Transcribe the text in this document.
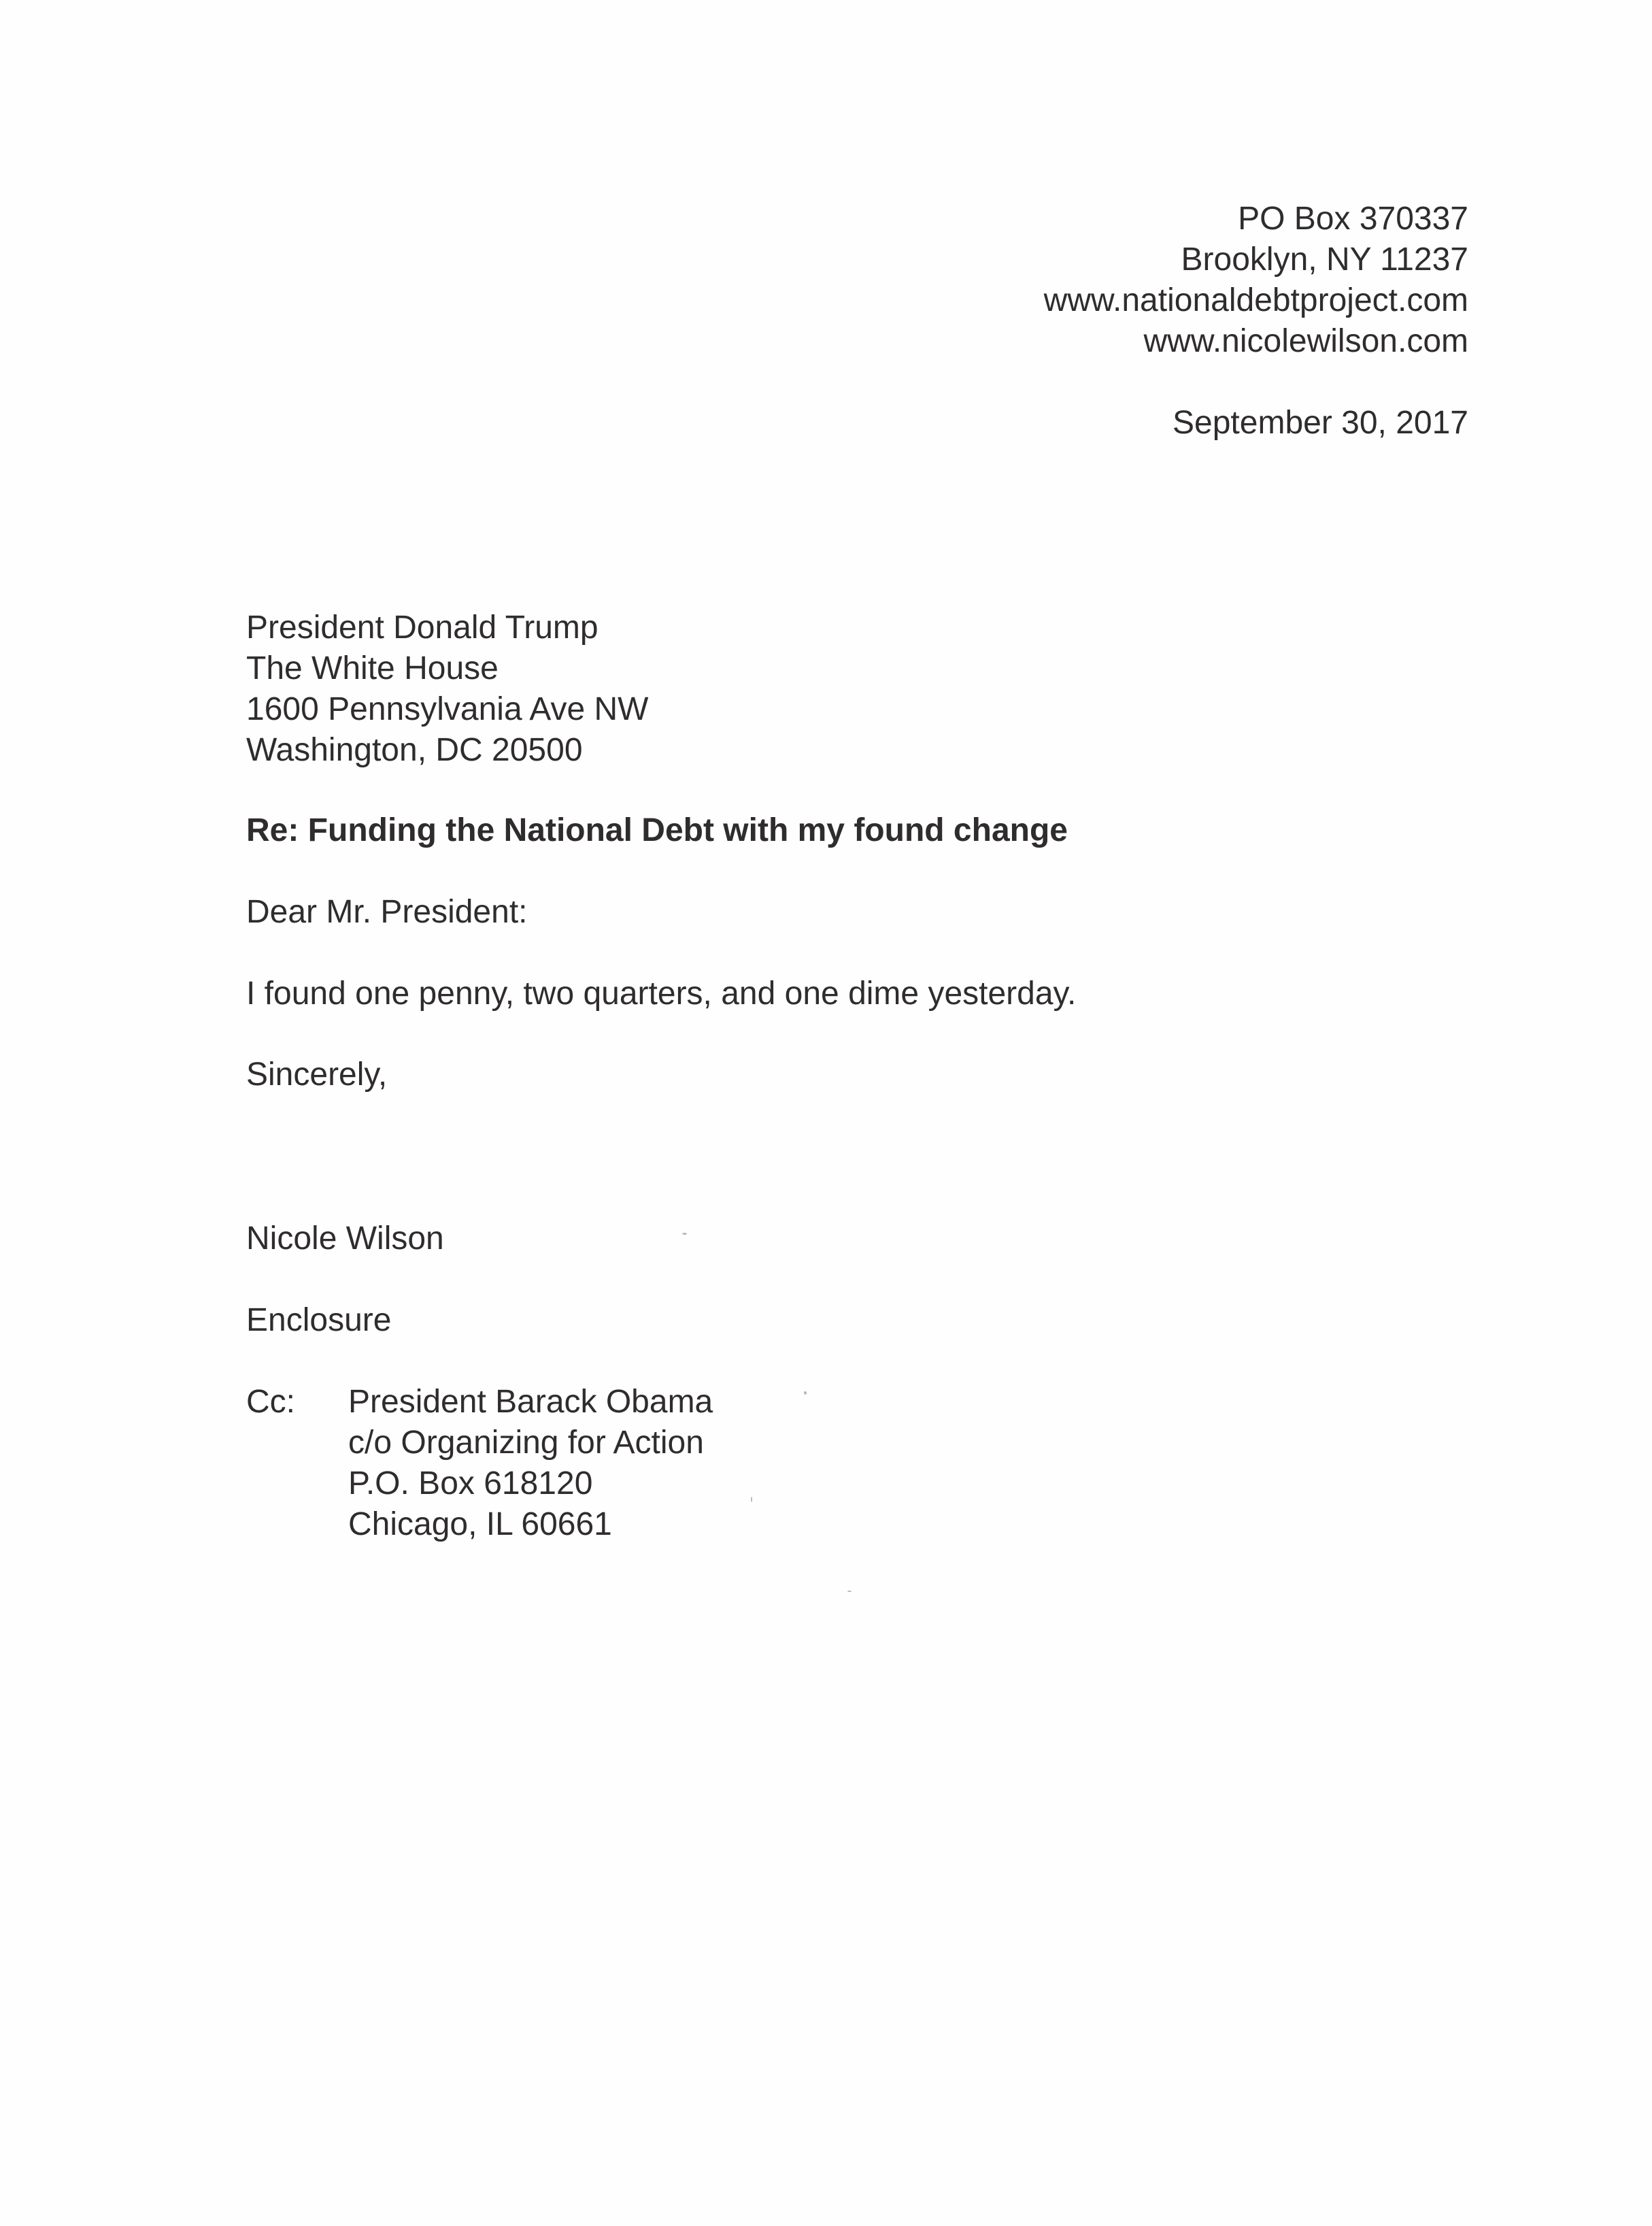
PO Box 370337
Brooklyn, NY 11237
www.nationaldebtproject.com
www.nicolewilson.com
September 30, 2017
President Donald Trump
The White House
1600 Pennsylvania Ave NW
Washington, DC 20500
Re: Funding the National Debt with my found change
Dear Mr. President:
I found one penny, two quarters, and one dime yesterday.
Sincerely,
Nicole Wilson
Enclosure
Cc: President Barack Obama
c/o Organizing for Action
P.O. Box 618120
Chicago, IL 60661
